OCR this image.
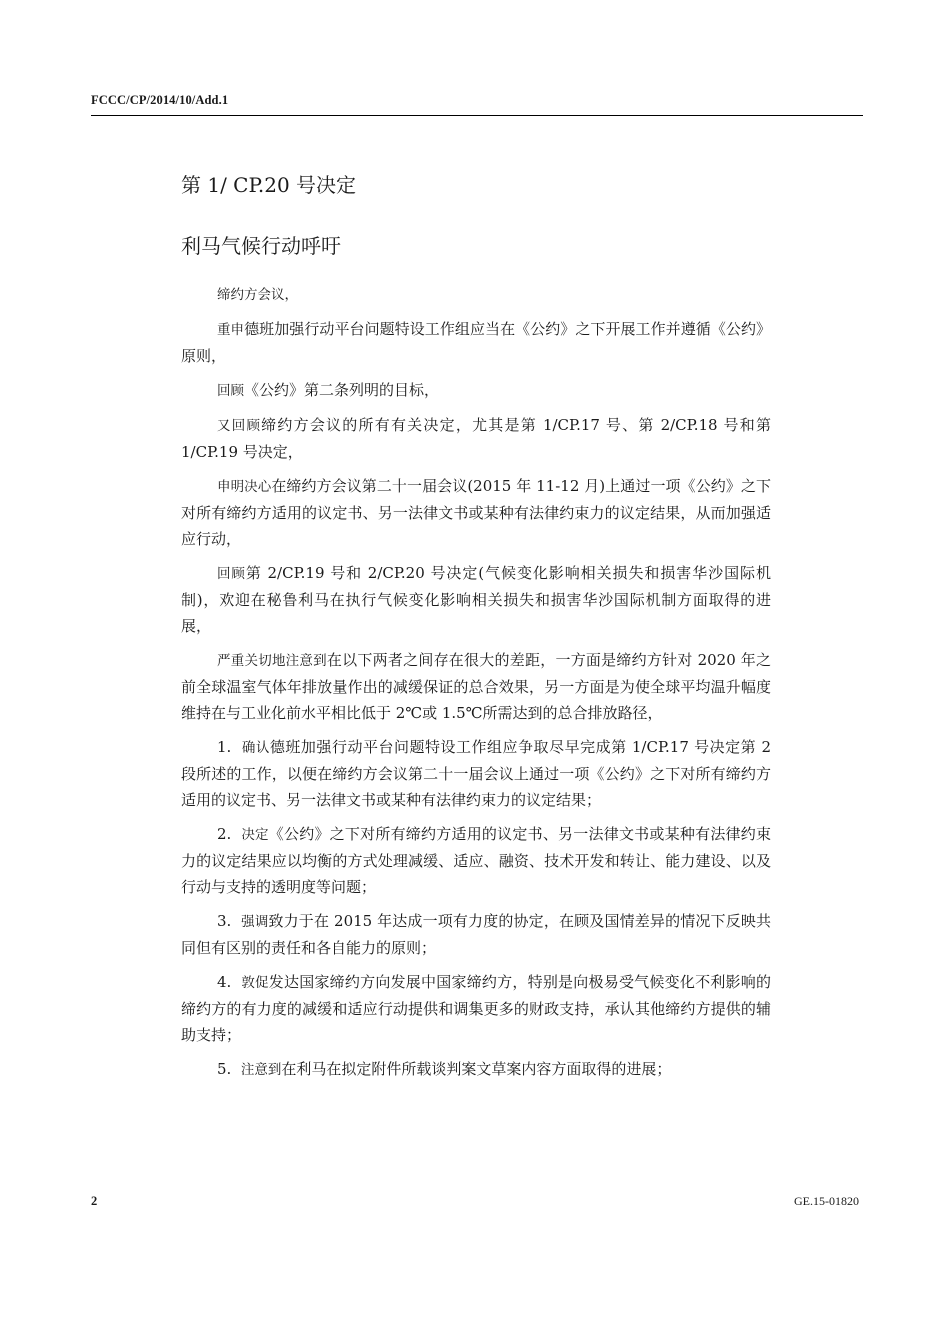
FCCC/CP/2014/10/Add.1
第 1/ CP.20 号决定
利马气候行动呼吁

缔约方会议，

重申德班加强行动平台问题特设工作组应当在《公约》之下开展工作并遵循《公约》原则，

回顾《公约》第二条列明的目标，

又回顾缔约方会议的所有有关决定，尤其是第 1/CP.17 号、第 2/CP.18 号和第 1/CP.19 号决定，

申明决心在缔约方会议第二十一届会议(2015 年 11-12 月)上通过一项《公约》之下对所有缔约方适用的议定书、另一法律文书或某种有法律约束力的议定结果，从而加强适应行动，

回顾第 2/CP.19 号和 2/CP.20 号决定(气候变化影响相关损失和损害华沙国际机制)，欢迎在秘鲁利马在执行气候变化影响相关损失和损害华沙国际机制方面取得的进展，

严重关切地注意到在以下两者之间存在很大的差距，一方面是缔约方针对 2020 年之前全球温室气体年排放量作出的减缓保证的总合效果，另一方面是为使全球平均温升幅度维持在与工业化前水平相比低于 2℃或 1.5℃所需达到的总合排放路径，

1. 确认德班加强行动平台问题特设工作组应争取尽早完成第 1/CP.17 号决定第 2 段所述的工作，以便在缔约方会议第二十一届会议上通过一项《公约》之下对所有缔约方适用的议定书、另一法律文书或某种有法律约束力的议定结果；

2. 决定《公约》之下对所有缔约方适用的议定书、另一法律文书或某种有法律约束力的议定结果应以均衡的方式处理减缓、适应、融资、技术开发和转让、能力建设、以及行动与支持的透明度等问题；

3. 强调致力于在 2015 年达成一项有力度的协定，在顾及国情差异的情况下反映共同但有区别的责任和各自能力的原则；

4. 敦促发达国家缔约方向发展中国家缔约方，特别是向极易受气候变化不利影响的缔约方的有力度的减缓和适应行动提供和调集更多的财政支持，承认其他缔约方提供的辅助支持；

5. 注意到在利马在拟定附件所载谈判案文草案内容方面取得的进展；

2	GE.15-01820
